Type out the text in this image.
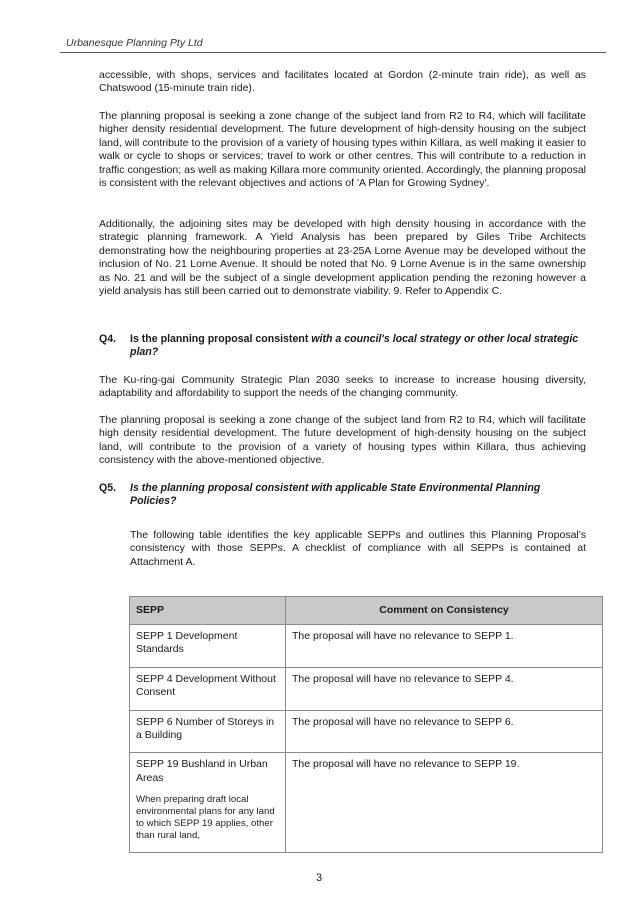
Urbanesque Planning Pty Ltd
accessible, with shops, services and facilitates located at Gordon (2-minute train ride), as well as Chatswood (15-minute train ride).
The planning proposal is seeking a zone change of the subject land from R2 to R4, which will facilitate higher density residential development. The future development of high-density housing on the subject land, will contribute to the provision of a variety of housing types within Killara, as well making it easier to walk or cycle to shops or services; travel to work or other centres. This will contribute to a reduction in traffic congestion; as well as making Killara more community oriented. Accordingly, the planning proposal is consistent with the relevant objectives and actions of 'A Plan for Growing Sydney'.
Additionally, the adjoining sites may be developed with high density housing in accordance with the strategic planning framework. A Yield Analysis has been prepared by Giles Tribe Architects demonstrating how the neighbouring properties at 23-25A Lorne Avenue may be developed without the inclusion of No. 21 Lorne Avenue. It should be noted that No. 9 Lorne Avenue is in the same ownership as No. 21 and will be the subject of a single development application pending the rezoning however a yield analysis has still been carried out to demonstrate viability. 9. Refer to Appendix C.
Q4. Is the planning proposal consistent with a council's local strategy or other local strategic plan?
The Ku-ring-gai Community Strategic Plan 2030 seeks to increase to increase housing diversity, adaptability and affordability to support the needs of the changing community.
The planning proposal is seeking a zone change of the subject land from R2 to R4, which will facilitate high density residential development. The future development of high-density housing on the subject land, will contribute to the provision of a variety of housing types within Killara, thus achieving consistency with the above-mentioned objective.
Q5. Is the planning proposal consistent with applicable State Environmental Planning Policies?
The following table identifies the key applicable SEPPs and outlines this Planning Proposal's consistency with those SEPPs. A checklist of compliance with all SEPPs is contained at Attachment A.
SEPP	Comment on Consistency
SEPP 1 Development Standards	The proposal will have no relevance to SEPP 1.
SEPP 4 Development Without Consent	The proposal will have no relevance to SEPP 4.
SEPP 6 Number of Storeys in a Building	The proposal will have no relevance to SEPP 6.

SEPP 19 Bushland in Urban Areas
When preparing draft local environmental plans for any land to which SEPP 19 applies, other than rural land,	The proposal will have no relevance to SEPP 19.
3
